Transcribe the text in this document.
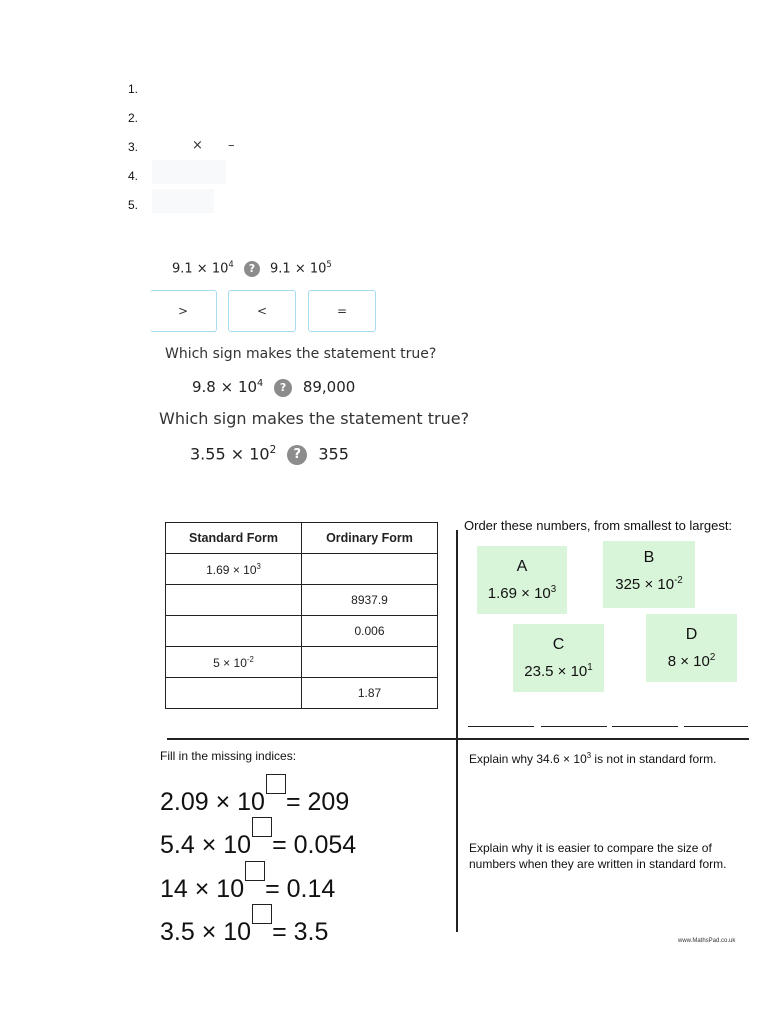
1.
2.
3.
4.
5.
× –
$9.1 \times 10^4$ ? $9.1 \times 10^5$
>	<	=
Which sign makes the statement true?
$9.8 \times 10^4$ ? 89,000
Which sign makes the statement true?
$3.55 \times 10^2$ ? 355
Standard Form	Ordinary Form
$1.69 \times 10^3$	
	8937.9
	0.006
$5 \times 10^{-2}$	
	1.87
Order these numbers, from smallest to largest:
A
$1.69 \times 10^3$
B
$325 \times 10^{-2}$
C
$23.5 \times 10^1$
D
$8 \times 10^2$
Fill in the missing indices:
2.09 × 10 = 209
5.4 × 10 = 0.054
14 × 10 = 0.14
3.5 × 10 = 3.5
Explain why $34.6 \times 10^3$ is not in standard form.
Explain why it is easier to compare the size of numbers when they are written in standard form.
www.MathsPad.co.uk
